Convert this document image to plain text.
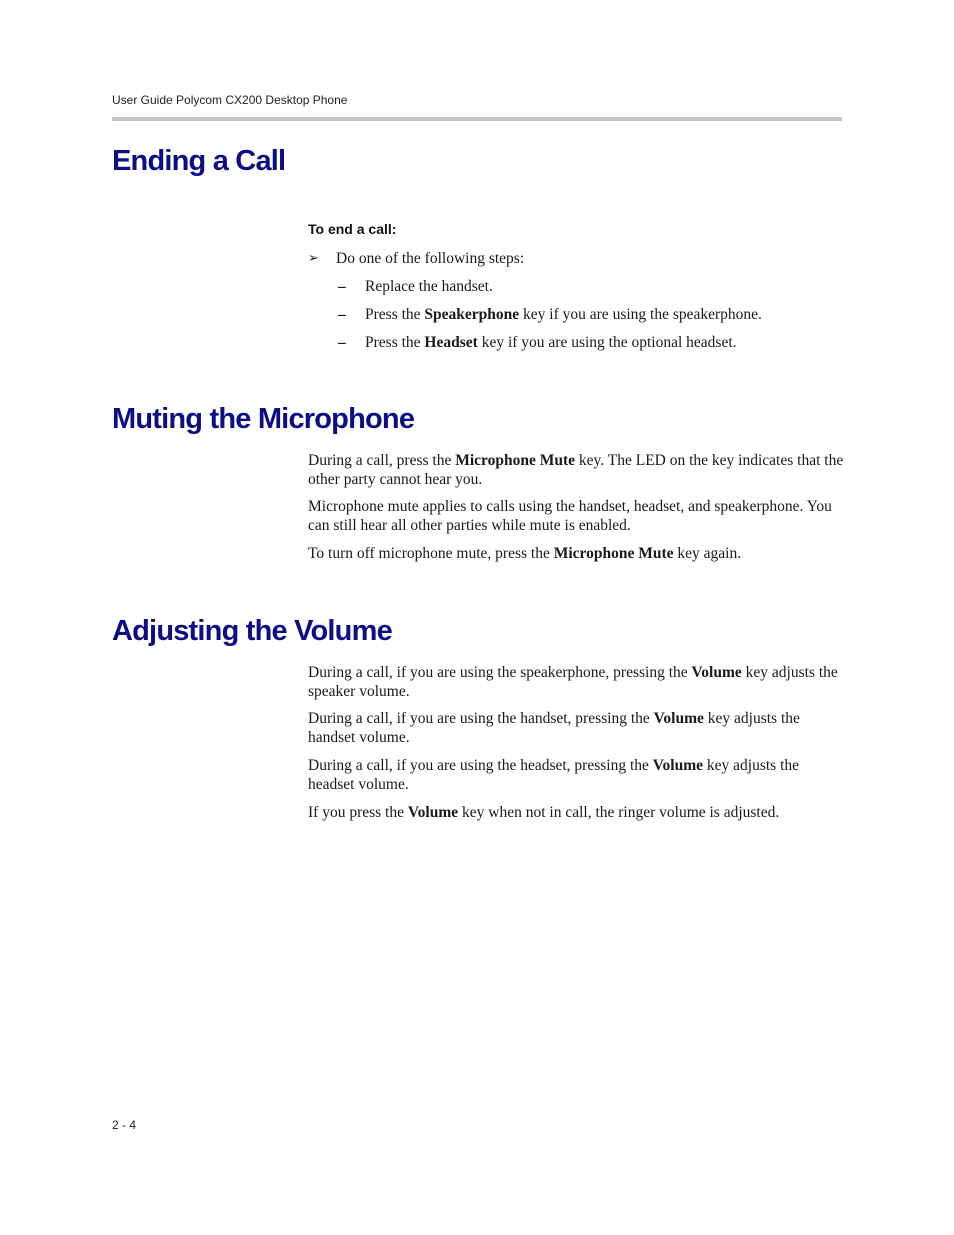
User Guide Polycom CX200 Desktop Phone
Ending a Call
To end a call:
➢ Do one of the following steps:
– Replace the handset.
– Press the Speakerphone key if you are using the speakerphone.
– Press the Headset key if you are using the optional headset.
Muting the Microphone

During a call, press the Microphone Mute key. The LED on the key indicates that the other party cannot hear you.

Microphone mute applies to calls using the handset, headset, and speakerphone. You can still hear all other parties while mute is enabled.

To turn off microphone mute, press the Microphone Mute key again.

Adjusting the Volume

During a call, if you are using the speakerphone, pressing the Volume key adjusts the speaker volume.

During a call, if you are using the handset, pressing the Volume key adjusts the handset volume.

During a call, if you are using the headset, pressing the Volume key adjusts the headset volume.

If you press the Volume key when not in call, the ringer volume is adjusted.

2 - 4
